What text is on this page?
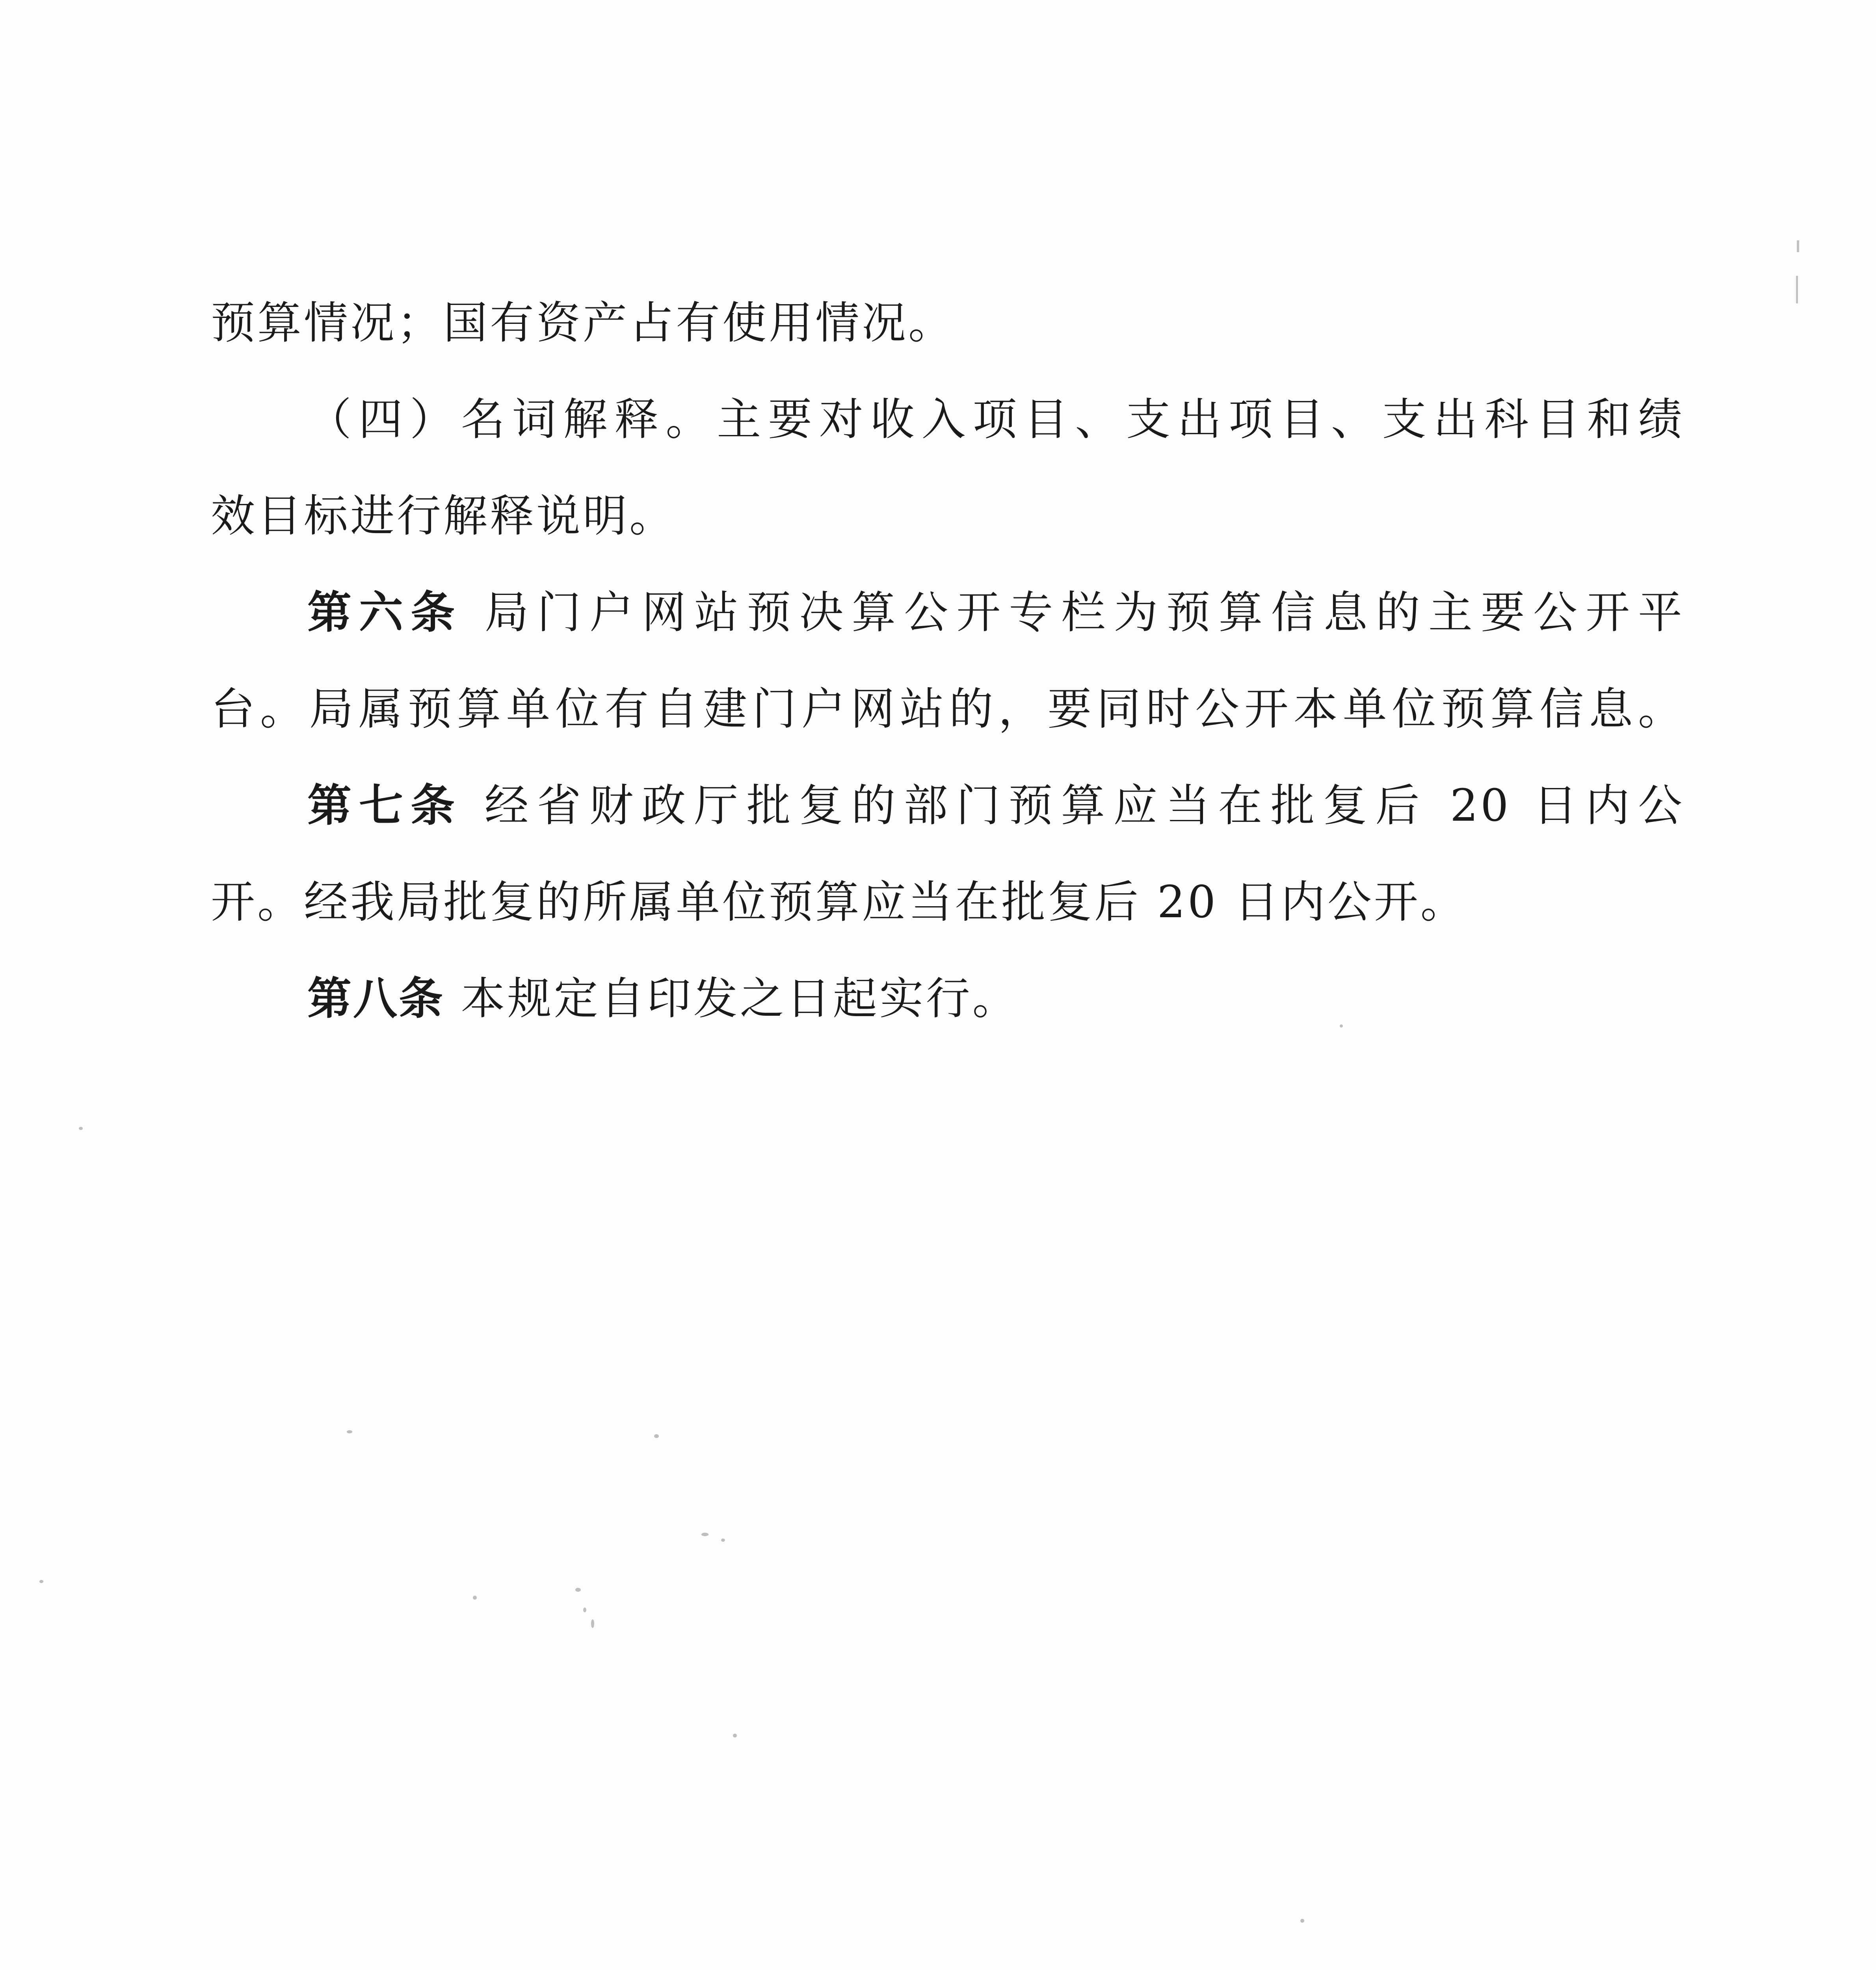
预算情况；国有资产占有使用情况。
（四）名词解释。主要对收入项目、支出项目、支出科目和绩
效目标进行解释说明。
第六条 局门户网站预决算公开专栏为预算信息的主要公开平
台。局属预算单位有自建门户网站的，要同时公开本单位预算信息。
第七条 经省财政厅批复的部门预算应当在批复后 20 日内公
开。经我局批复的所属单位预算应当在批复后 20 日内公开。
第八条 本规定自印发之日起实行。
